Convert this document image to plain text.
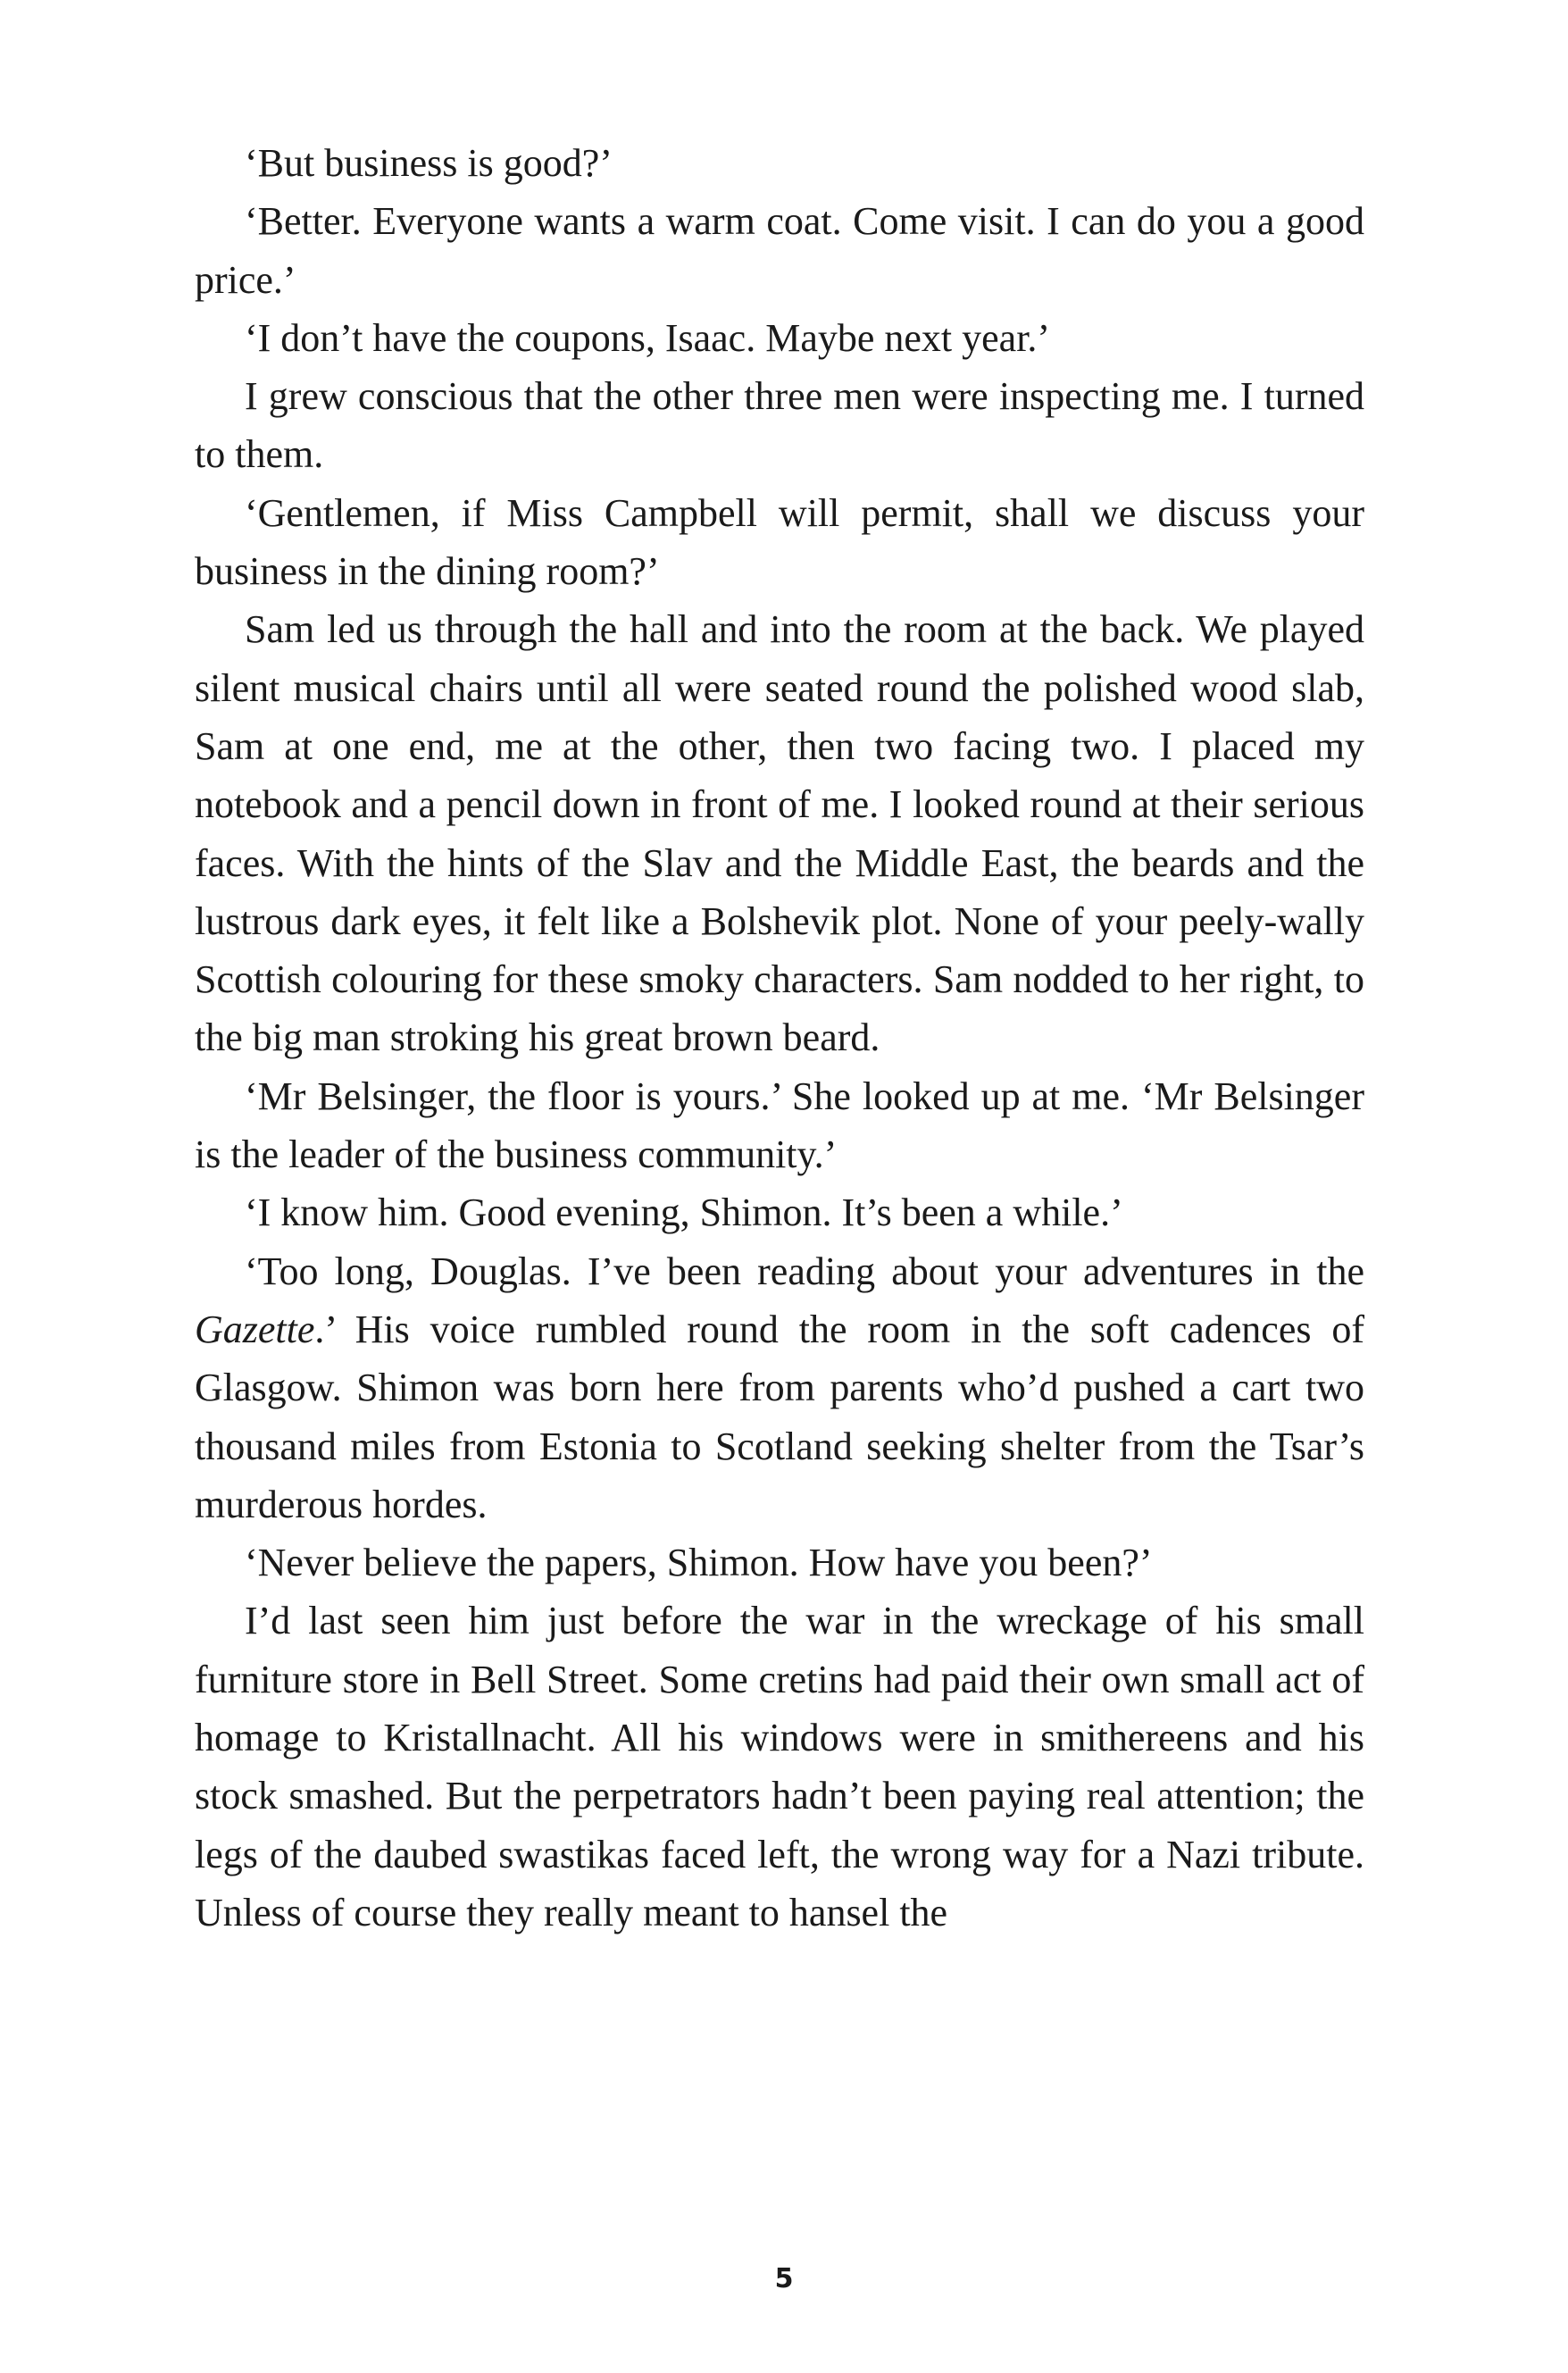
‘But business is good?’

‘Better. Everyone wants a warm coat. Come visit. I can do you a good price.’

‘I don’t have the coupons, Isaac. Maybe next year.’

I grew conscious that the other three men were inspecting me. I turned to them.

‘Gentlemen, if Miss Campbell will permit, shall we discuss your business in the dining room?’

Sam led us through the hall and into the room at the back. We played silent musical chairs until all were seated round the polished wood slab, Sam at one end, me at the other, then two facing two. I placed my notebook and a pencil down in front of me. I looked round at their serious faces. With the hints of the Slav and the Middle East, the beards and the lustrous dark eyes, it felt like a Bolshevik plot. None of your peely-wally Scottish colouring for these smoky characters. Sam nodded to her right, to the big man stroking his great brown beard.

‘Mr Belsinger, the floor is yours.’ She looked up at me. ‘Mr Belsinger is the leader of the business community.’

‘I know him. Good evening, Shimon. It’s been a while.’

‘Too long, Douglas. I’ve been reading about your adventures in the Gazette.’ His voice rumbled round the room in the soft cadences of Glasgow. Shimon was born here from parents who’d pushed a cart two thousand miles from Estonia to Scotland seeking shelter from the Tsar’s murderous hordes.

‘Never believe the papers, Shimon. How have you been?’

I’d last seen him just before the war in the wreckage of his small furniture store in Bell Street. Some cretins had paid their own small act of homage to Kristallnacht. All his windows were in smithereens and his stock smashed. But the perpetrators hadn’t been paying real attention; the legs of the daubed swastikas faced left, the wrong way for a Nazi tribute. Unless of course they really meant to hansel the

5
